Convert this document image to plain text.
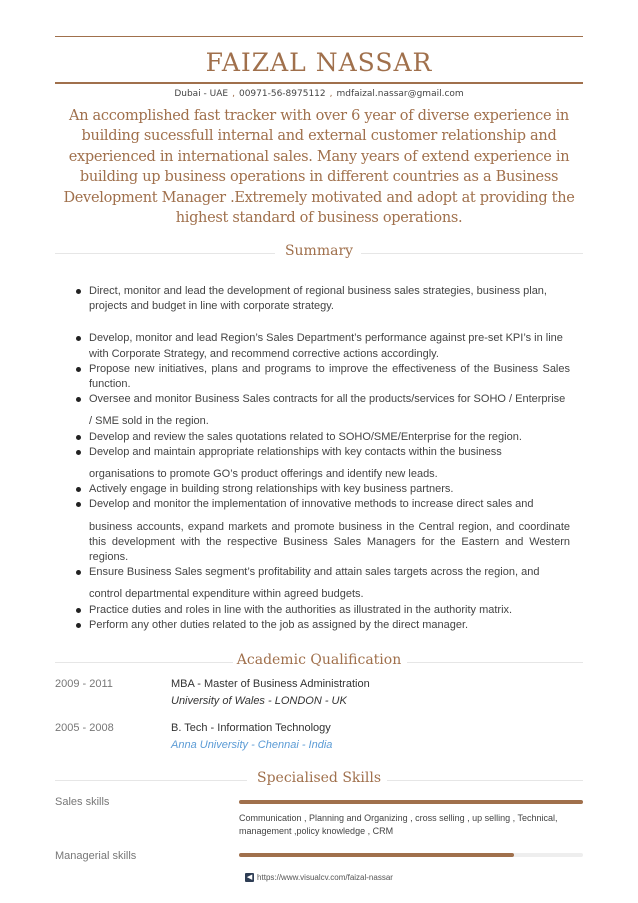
FAIZAL NASSAR
Dubai - UAE , 00971-56-8975112 , mdfaizal.nassar@gmail.com
An accomplished fast tracker with over 6 year of diverse experience in building sucessfull internal and external customer relationship and experienced in international sales. Many years of extend experience in building up business operations in different countries as a Business Development Manager .Extremely motivated and adopt at providing the highest standard of business operations.
Summary
Direct, monitor and lead the development of regional business sales strategies, business plan, projects and budget in line with corporate strategy.
Develop, monitor and lead Region’s Sales Department’s performance against pre-set KPI’s in line with Corporate Strategy, and recommend corrective actions accordingly.
Propose new initiatives, plans and programs to improve the effectiveness of the Business Sales function.
Oversee and monitor Business Sales contracts for all the products/services for SOHO / Enterprise
/ SME sold in the region.
Develop and review the sales quotations related to SOHO/SME/Enterprise for the region.
Develop and maintain appropriate relationships with key contacts within the business
organisations to promote GO’s product offerings and identify new leads.
Actively engage in building strong relationships with key business partners.
Develop and monitor the implementation of innovative methods to increase direct sales and
business accounts, expand markets and promote business in the Central region, and coordinate this development with the respective Business Sales Managers for the Eastern and Western regions.
Ensure Business Sales segment’s profitability and attain sales targets across the region, and
control departmental expenditure within agreed budgets.
Practice duties and roles in line with the authorities as illustrated in the authority matrix.
Perform any other duties related to the job as assigned by the direct manager.
Academic Qualification
2009 - 2011	MBA - Master of Business Administration
University of Wales - LONDON - UK
2005 - 2008	B. Tech - Information Technology
Anna University - Chennai - India
Specialised Skills
Sales skills
Communication , Planning and Organizing , cross selling , up selling , Technical, management ,policy knowledge , CRM
Managerial skills
◀ https://www.visualcv.com/faizal-nassar
